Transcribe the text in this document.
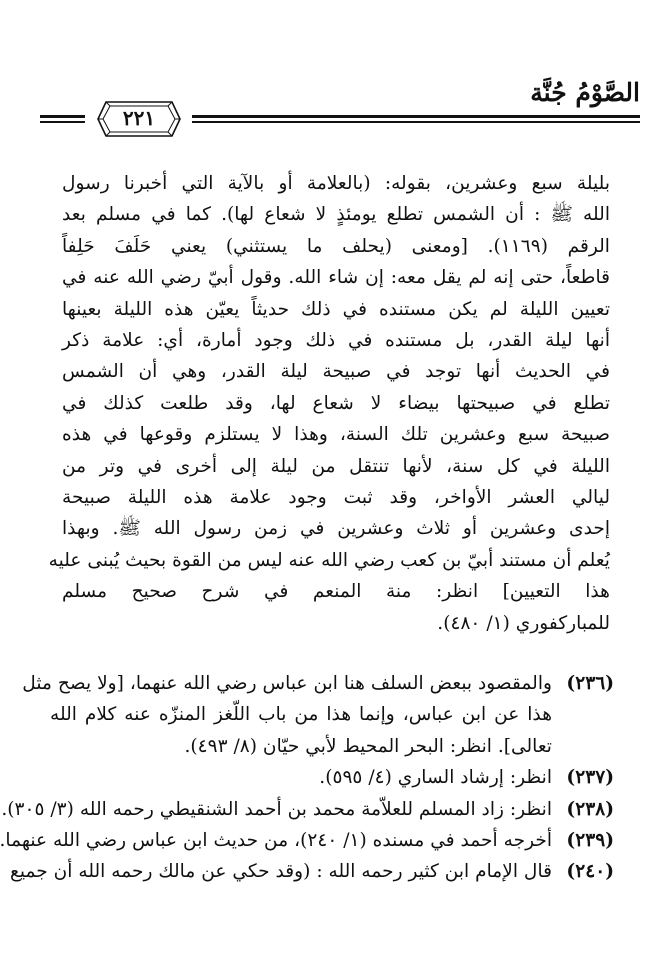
الصَّوْمُ جُنَّة
٢٢١

بليلة سبع وعشرين، بقوله: (بالعلامة أو بالآية التي أخبرنا رسول
الله ﷺ : أن الشمس تطلع يومئذٍ لا شعاع لها). كما في مسلم بعد
الرقم (١١٦٩). [ومعنى (يحلف ما يستثني) يعني حَلَفَ حَلِفاً
قاطعاً، حتى إنه لم يقل معه: إن شاء الله. وقول أبيّ رضي الله عنه في
تعيين الليلة لم يكن مستنده في ذلك حديثاً يعيّن هذه الليلة بعينها
أنها ليلة القدر، بل مستنده في ذلك وجود أمارة، أي: علامة ذكر
في الحديث أنها توجد في صبيحة ليلة القدر، وهي أن الشمس
تطلع في صبيحتها بيضاء لا شعاع لها، وقد طلعت كذلك في
صبيحة سبع وعشرين تلك السنة، وهذا لا يستلزم وقوعها في هذه
الليلة في كل سنة، لأنها تنتقل من ليلة إلى أخرى في وتر من
ليالي العشر الأواخر، وقد ثبت وجود علامة هذه الليلة صبيحة
إحدى وعشرين أو ثلاث وعشرين في زمن رسول الله ﷺ. وبهذا
يُعلم أن مستند أبيّ بن كعب رضي الله عنه ليس من القوة بحيث يُبنى عليه
هذا التعيين] انظر: منة المنعم في شرح صحيح مسلم
للمباركفوري (١/ ٤٨٠).

(٢٣٦)
والمقصود ببعض السلف هنا ابن عباس رضي الله عنهما، [ولا يصح مثل
هذا عن ابن عباس، وإنما هذا من باب اللّغز المنزّه عنه كلام الله
تعالى]. انظر: البحر المحيط لأبي حيّان (٨/ ٤٩٣).
(٢٣٧)
انظر: إرشاد الساري (٤/ ٥٩٥).
(٢٣٨)
انظر: زاد المسلم للعلاّمة محمد بن أحمد الشنقيطي رحمه الله (٣/ ٣٠٥).
(٢٣٩)
أخرجه أحمد في مسنده (١/ ٢٤٠)، من حديث ابن عباس رضي الله عنهما.
(٢٤٠)
قال الإمام ابن كثير رحمه الله : (وقد حكي عن مالك رحمه الله أن جميع
